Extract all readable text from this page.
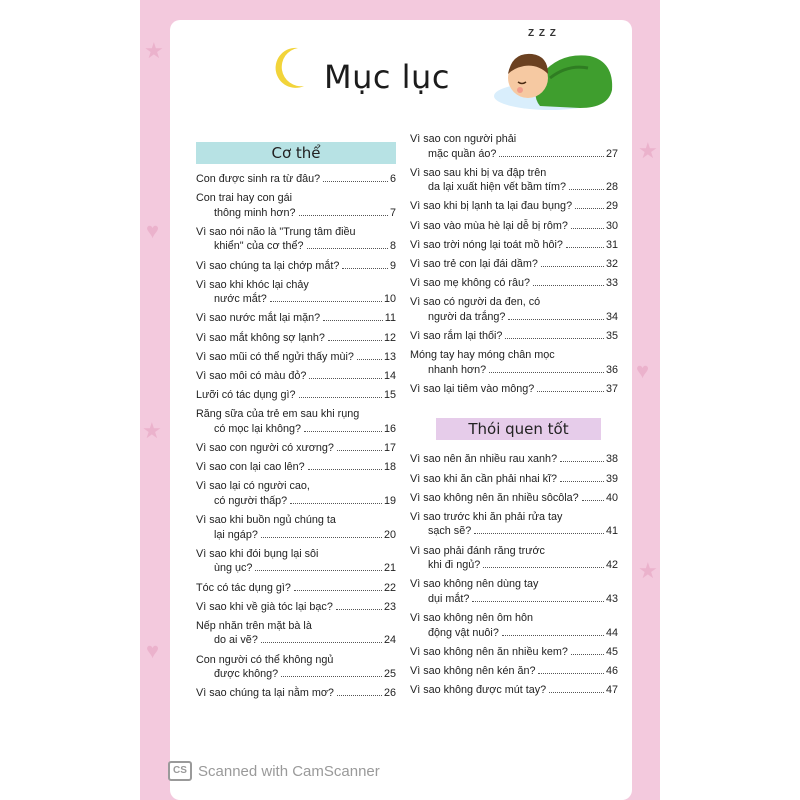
★
♥
★
♥
★
♥
★
Mục lục
Z Z Z
Cơ thể
Con được sinh ra từ đâu?	6
Con trai hay con gái
thông minh hơn?	7
Vì sao nói não là "Trung tâm điều
khiển" của cơ thể?	8
Vì sao chúng ta lại chớp mắt?	9
Vì sao khi khóc lại chảy
nước mắt?	10
Vì sao nước mắt lại mặn?	11
Vì sao mắt không sợ lạnh?	12
Vì sao mũi có thể ngửi thấy mùi?	13
Vì sao môi có màu đỏ?	14
Lưỡi có tác dụng gì?	15
Răng sữa của trẻ em sau khi rụng
có mọc lại không?	16
Vì sao con người có xương?	17
Vì sao con lại cao lên?	18
Vì sao lại có người cao,
có người thấp?	19
Vì sao khi buồn ngủ chúng ta
lại ngáp?	20
Vì sao khi đói bụng lại sôi
ùng ục?	21
Tóc có tác dụng gì?	22
Vì sao khi về già tóc lại bạc?	23
Nếp nhăn trên mặt bà là
do ai vẽ?	24
Con người có thể không ngủ
được không?	25
Vì sao chúng ta lại nằm mơ?	26
Vì sao con người phải
mặc quần áo?	27
Vì sao sau khi bị va đập trên
da lại xuất hiện vết bầm tím?	28
Vì sao khi bị lạnh ta lại đau bụng?	29
Vì sao vào mùa hè lại dễ bị rôm?	30
Vì sao trời nóng lại toát mồ hôi?	31
Vì sao trẻ con lại đái dầm?	32
Vì sao mẹ không có râu?	33
Vì sao có người da đen, có
người da trắng?	34
Vì sao rắm lại thối?	35
Móng tay hay móng chân mọc
nhanh hơn?	36
Vì sao lại tiêm vào mông?	37
Thói quen tốt
Vì sao nên ăn nhiều rau xanh?	38
Vì sao khi ăn cần phải nhai kĩ?	39
Vì sao không nên ăn nhiều sôcôla?	40
Vì sao trước khi ăn phải rửa tay
sạch sẽ?	41
Vì sao phải đánh răng trước
khi đi ngủ?	42
Vì sao không nên dùng tay
dụi mắt?	43
Vì sao không nên ôm hôn
động vật nuôi?	44
Vì sao không nên ăn nhiều kem?	45
Vì sao không nên kén ăn?	46
Vì sao không được mút tay?	47
CS Scanned with CamScanner
